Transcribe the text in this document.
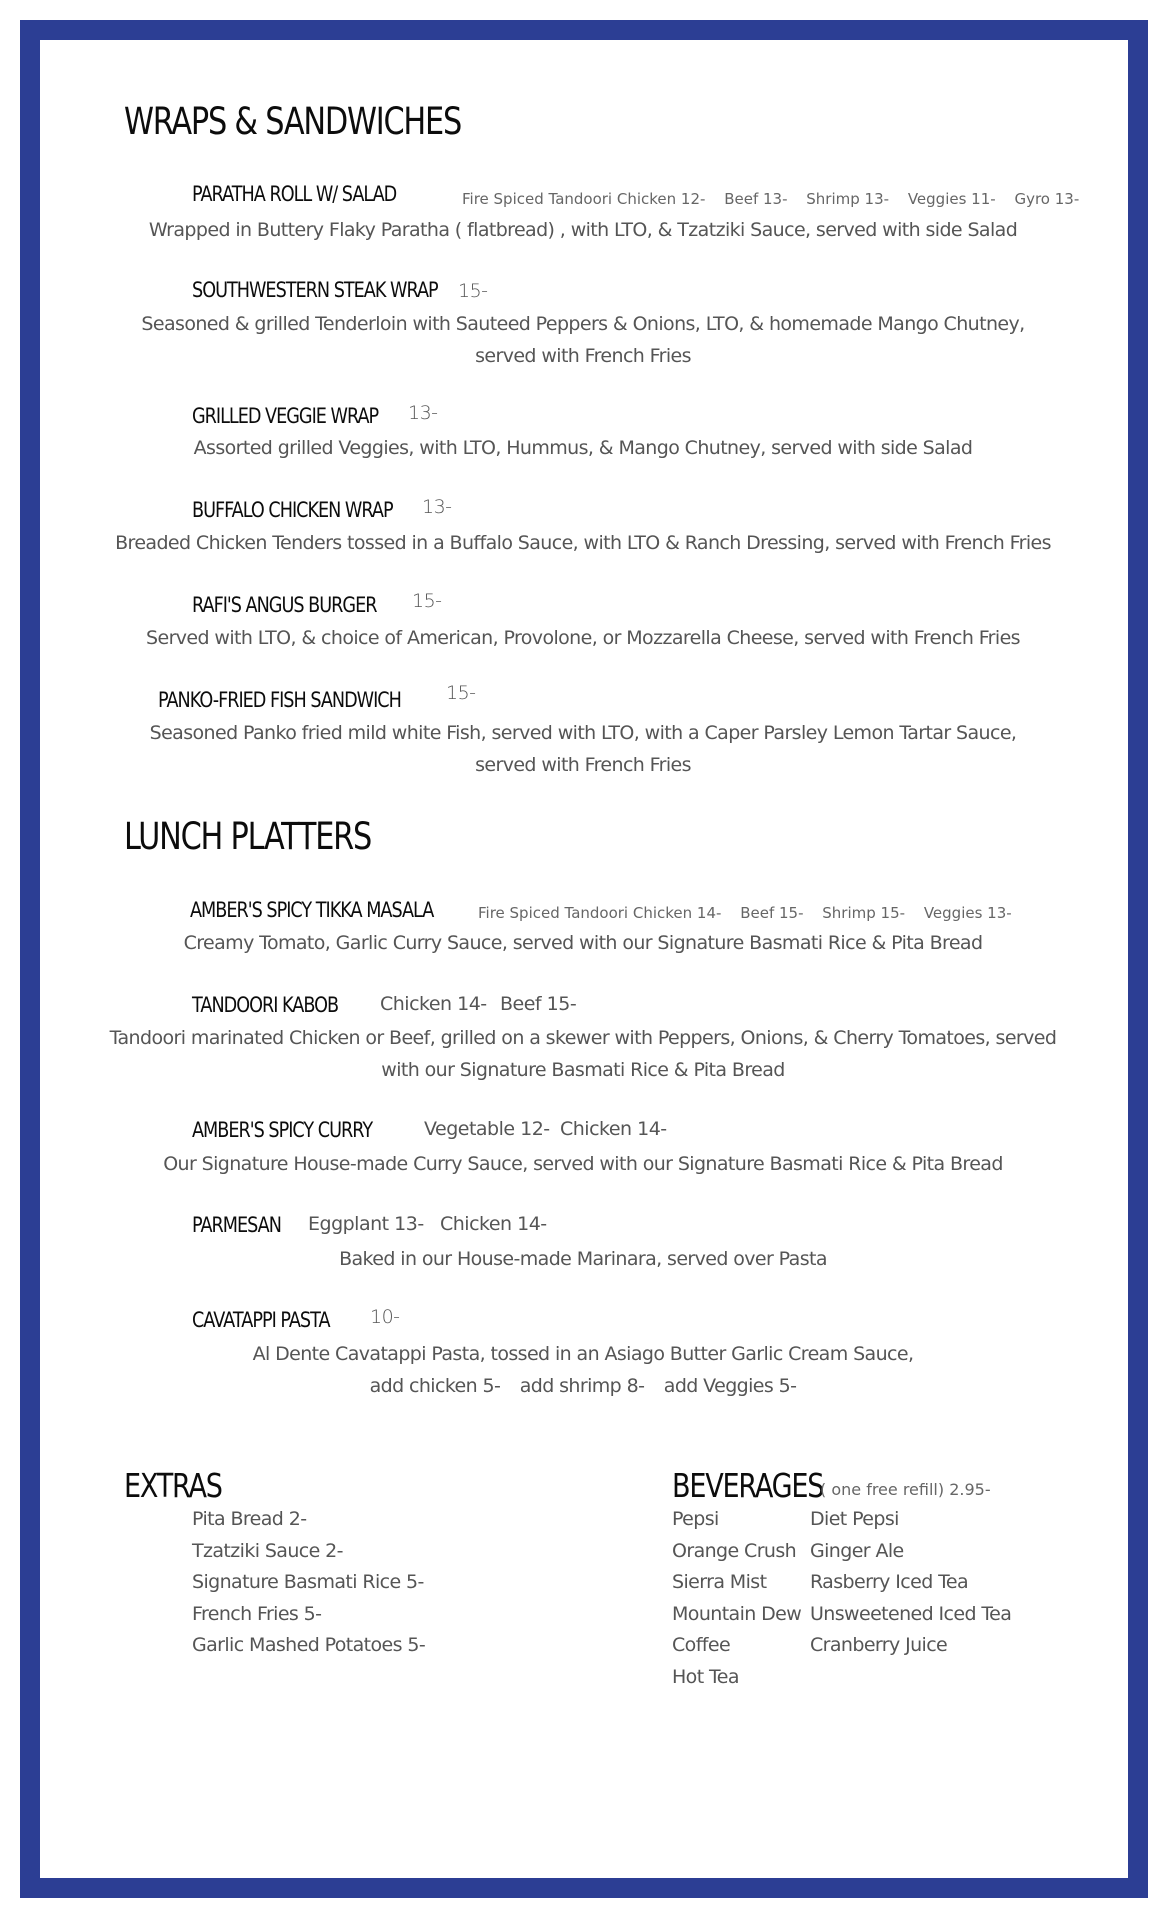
WRAPS & SANDWICHES
PARATHA ROLL W/ SALAD	Fire Spiced Tandoori Chicken 12- Beef 13- Shrimp 13- Veggies 11- Gyro 13-
Wrapped in Buttery Flaky Paratha ( flatbread) , with LTO, & Tzatziki Sauce, served with side Salad
SOUTHWESTERN STEAK WRAP 15-
Seasoned & grilled Tenderloin with Sauteed Peppers & Onions, LTO, & homemade Mango Chutney,
served with French Fries
GRILLED VEGGIE WRAP 13-
Assorted grilled Veggies, with LTO, Hummus, & Mango Chutney, served with side Salad
BUFFALO CHICKEN WRAP 13-
Breaded Chicken Tenders tossed in a Buffalo Sauce, with LTO & Ranch Dressing, served with French Fries
RAFI'S ANGUS BURGER 15-
Served with LTO, & choice of American, Provolone, or Mozzarella Cheese, served with French Fries
PANKO-FRIED FISH SANDWICH 15-
Seasoned Panko fried mild white Fish, served with LTO, with a Caper Parsley Lemon Tartar Sauce,
served with French Fries
LUNCH PLATTERS
AMBER'S SPICY TIKKA MASALA	Fire Spiced Tandoori Chicken 14- Beef 15- Shrimp 15- Veggies 13-
Creamy Tomato, Garlic Curry Sauce, served with our Signature Basmati Rice & Pita Bread
TANDOORI KABOB Chicken 14- Beef 15-
Tandoori marinated Chicken or Beef, grilled on a skewer with Peppers, Onions, & Cherry Tomatoes, served
with our Signature Basmati Rice & Pita Bread
AMBER'S SPICY CURRY	Vegetable 12- Chicken 14-
Our Signature House-made Curry Sauce, served with our Signature Basmati Rice & Pita Bread
PARMESAN Eggplant 13- Chicken 14-
Baked in our House-made Marinara, served over Pasta
CAVATAPPI PASTA 10-
Al Dente Cavatappi Pasta, tossed in an Asiago Butter Garlic Cream Sauce,
add chicken 5- add shrimp 8- add Veggies 5-
EXTRAS
Pita Bread 2-
Tzatziki Sauce 2-
Signature Basmati Rice 5-
French Fries 5-
Garlic Mashed Potatoes 5-
BEVERAGES
( one free refill) 2.95-
Pepsi
Orange Crush
Sierra Mist
Mountain Dew
Coffee
Hot Tea
Diet Pepsi
Ginger Ale
Rasberry Iced Tea
Unsweetened Iced Tea
Cranberry Juice
